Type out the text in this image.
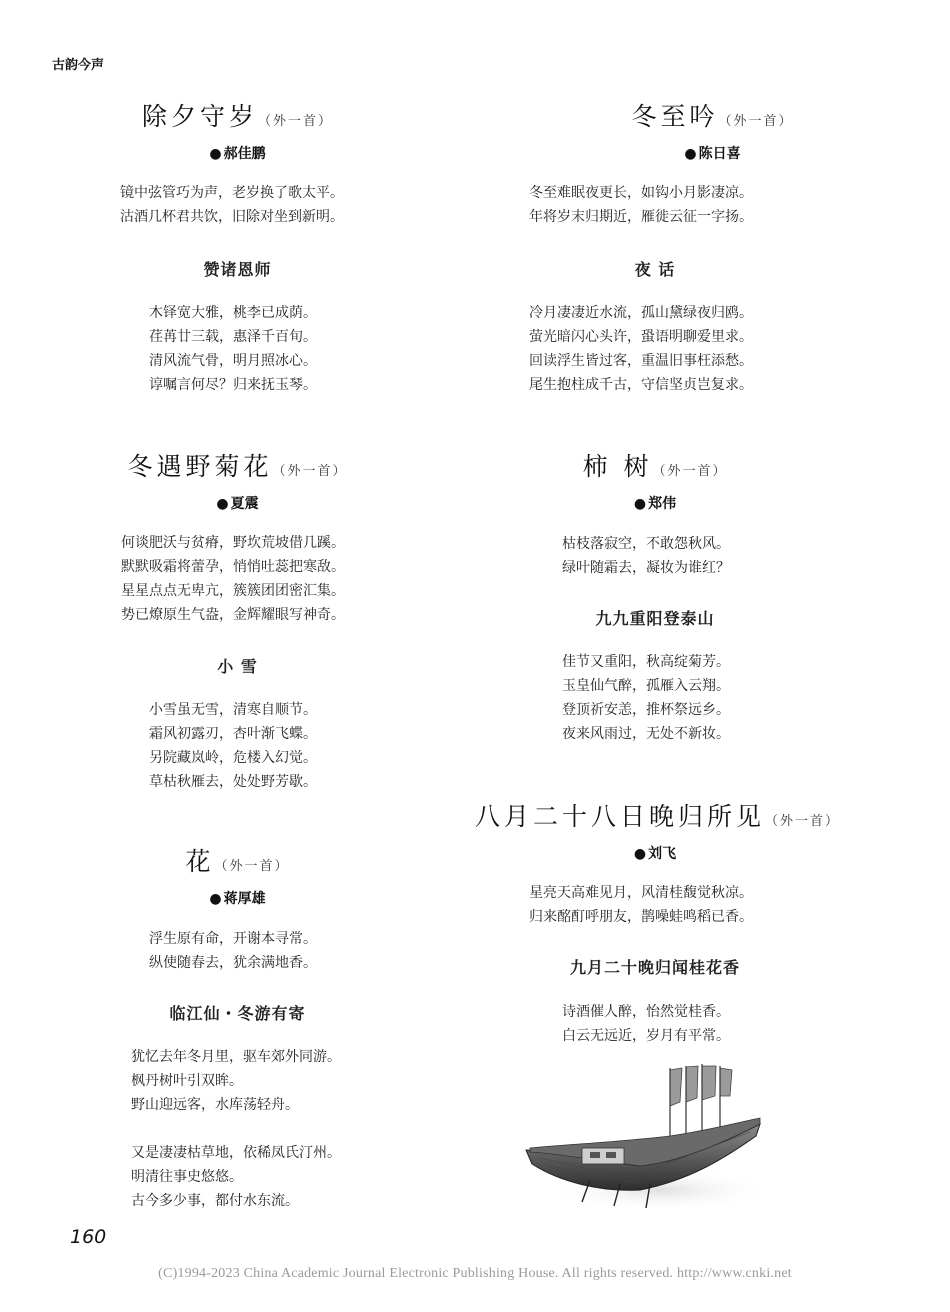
古韵今声
除夕守岁（外一首）
● 郝佳鹏
镜中弦管巧为声，老岁换了歌太平。
沽酒几杯君共饮，旧除对坐到新明。
赞诸恩师
木铎宽大雅，桃李已成荫。
荏苒廿三载，惠泽千百旬。
清风流气骨，明月照冰心。
谆嘱言何尽？归来抚玉琴。
冬遇野菊花（外一首）
● 夏震
何谈肥沃与贫瘠，野坎荒坡借几蹊。
默默吸霜将蕾孕，悄悄吐蕊把寒敌。
星星点点无卑亢，簇簇团团密汇集。
势已燎原生气盎，金辉耀眼写神奇。
小 雪
小雪虽无雪，清寒自顺节。
霜风初露刃，杏叶渐飞蝶。
另院藏岚岭，危楼入幻觉。
草枯秋雁去，处处野芳歇。
花（外一首）
● 蒋厚雄
浮生原有命，开谢本寻常。
纵使随春去，犹余满地香。
临江仙・冬游有寄
犹忆去年冬月里，驱车郊外同游。
枫丹树叶引双眸。
野山迎远客，水库荡轻舟。
又是凄凄枯草地，依稀凤氏汀州。
明清往事史悠悠。
古今多少事，都付水东流。
冬至吟（外一首）
● 陈日喜
冬至难眠夜更长，如钩小月影凄凉。
年将岁末归期近，雁徙云征一字扬。
夜 话
冷月凄凄近水流，孤山黛绿夜归鸥。
萤光暗闪心头许，蛩语明聊爱里求。
回读浮生皆过客，重温旧事枉添愁。
尾生抱柱成千古，守信坚贞岂复求。
柿 树（外一首）
● 郑伟
枯枝落寂空，不敢怨秋风。
绿叶随霜去，凝妆为谁红？
九九重阳登泰山
佳节又重阳，秋高绽菊芳。
玉皇仙气醉，孤雁入云翔。
登顶祈安恙，推杯祭远乡。
夜来风雨过，无处不新妆。
八月二十八日晚归所见（外一首）
● 刘飞
星亮天高难见月，风清桂馥觉秋凉。
归来酩酊呼朋友，鹊噪蛙鸣稻已香。
九月二十晚归闻桂花香
诗酒催人醉，怡然觉桂香。
白云无远近，岁月有平常。
160
(C)1994-2023 China Academic Journal Electronic Publishing House. All rights reserved. http://www.cnki.net
